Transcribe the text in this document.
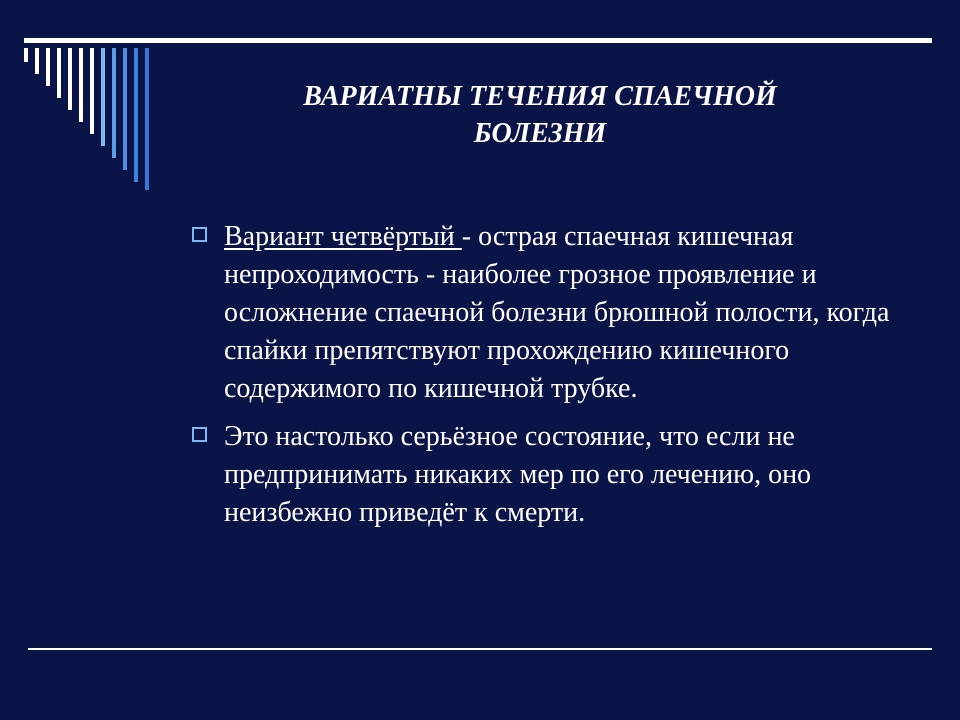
ВАРИАТНЫ ТЕЧЕНИЯ СПАЕЧНОЙ
БОЛЕЗНИ
Вариант четвёртый - острая спаечная кишечная непроходимость - наиболее грозное проявление и осложнение спаечной болезни брюшной полости, когда спайки препятствуют прохождению кишечного содержимого по кишечной трубке.
Это настолько серьёзное состояние, что если не предпринимать никаких мер по его лечению, оно неизбежно приведёт к смерти.
